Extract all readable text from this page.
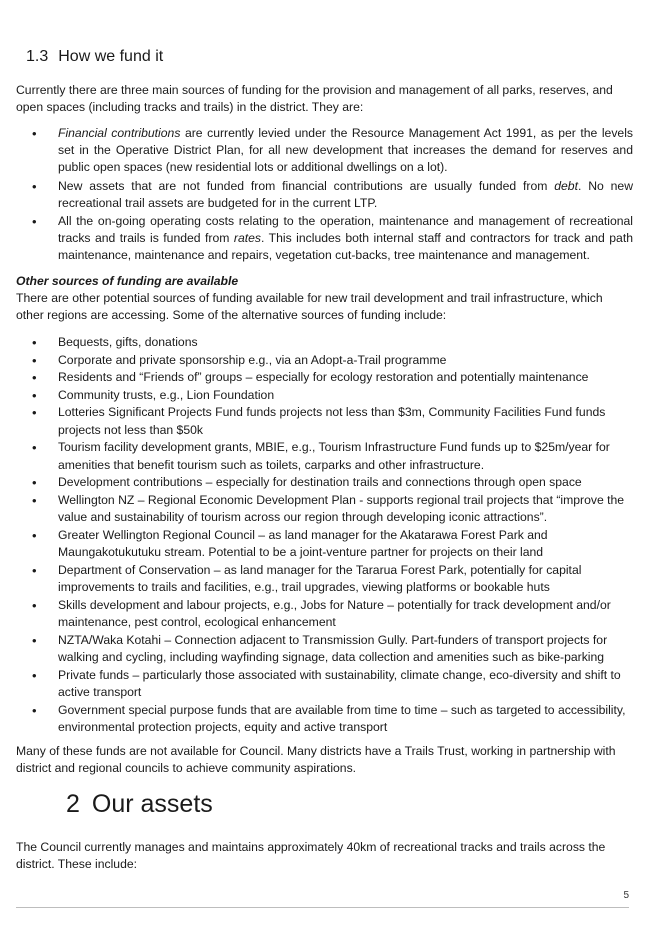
1.3 How we fund it

Currently there are three main sources of funding for the provision and management of all parks, reserves, and open spaces (including tracks and trails) in the district. They are:

• Financial contributions are currently levied under the Resource Management Act 1991, as per the levels set in the Operative District Plan, for all new development that increases the demand for reserves and public open spaces (new residential lots or additional dwellings on a lot).
• New assets that are not funded from financial contributions are usually funded from debt. No new recreational trail assets are budgeted for in the current LTP.
• All the on-going operating costs relating to the operation, maintenance and management of recreational tracks and trails is funded from rates. This includes both internal staff and contractors for track and path maintenance, maintenance and repairs, vegetation cut-backs, tree maintenance and management.

Other sources of funding are available

There are other potential sources of funding available for new trail development and trail infrastructure, which other regions are accessing. Some of the alternative sources of funding include:

• Bequests, gifts, donations
• Corporate and private sponsorship e.g., via an Adopt-a-Trail programme
• Residents and “Friends of” groups – especially for ecology restoration and potentially maintenance
• Community trusts, e.g., Lion Foundation
• Lotteries Significant Projects Fund funds projects not less than $3m, Community Facilities Fund funds projects not less than $50k
• Tourism facility development grants, MBIE, e.g., Tourism Infrastructure Fund funds up to $25m/year for amenities that benefit tourism such as toilets, carparks and other infrastructure.
• Development contributions – especially for destination trails and connections through open space
• Wellington NZ – Regional Economic Development Plan - supports regional trail projects that “improve the value and sustainability of tourism across our region through developing iconic attractions”.
• Greater Wellington Regional Council – as land manager for the Akatarawa Forest Park and Maungakotukutuku stream. Potential to be a joint-venture partner for projects on their land
• Department of Conservation – as land manager for the Tararua Forest Park, potentially for capital improvements to trails and facilities, e.g., trail upgrades, viewing platforms or bookable huts
• Skills development and labour projects, e.g., Jobs for Nature – potentially for track development and/or maintenance, pest control, ecological enhancement
• NZTA/Waka Kotahi – Connection adjacent to Transmission Gully. Part-funders of transport projects for walking and cycling, including wayfinding signage, data collection and amenities such as bike-parking
• Private funds – particularly those associated with sustainability, climate change, eco-diversity and shift to active transport
• Government special purpose funds that are available from time to time – such as targeted to accessibility, environmental protection projects, equity and active transport

Many of these funds are not available for Council. Many districts have a Trails Trust, working in partnership with district and regional councils to achieve community aspirations.

2 Our assets

The Council currently manages and maintains approximately 40km of recreational tracks and trails across the district. These include:

5
